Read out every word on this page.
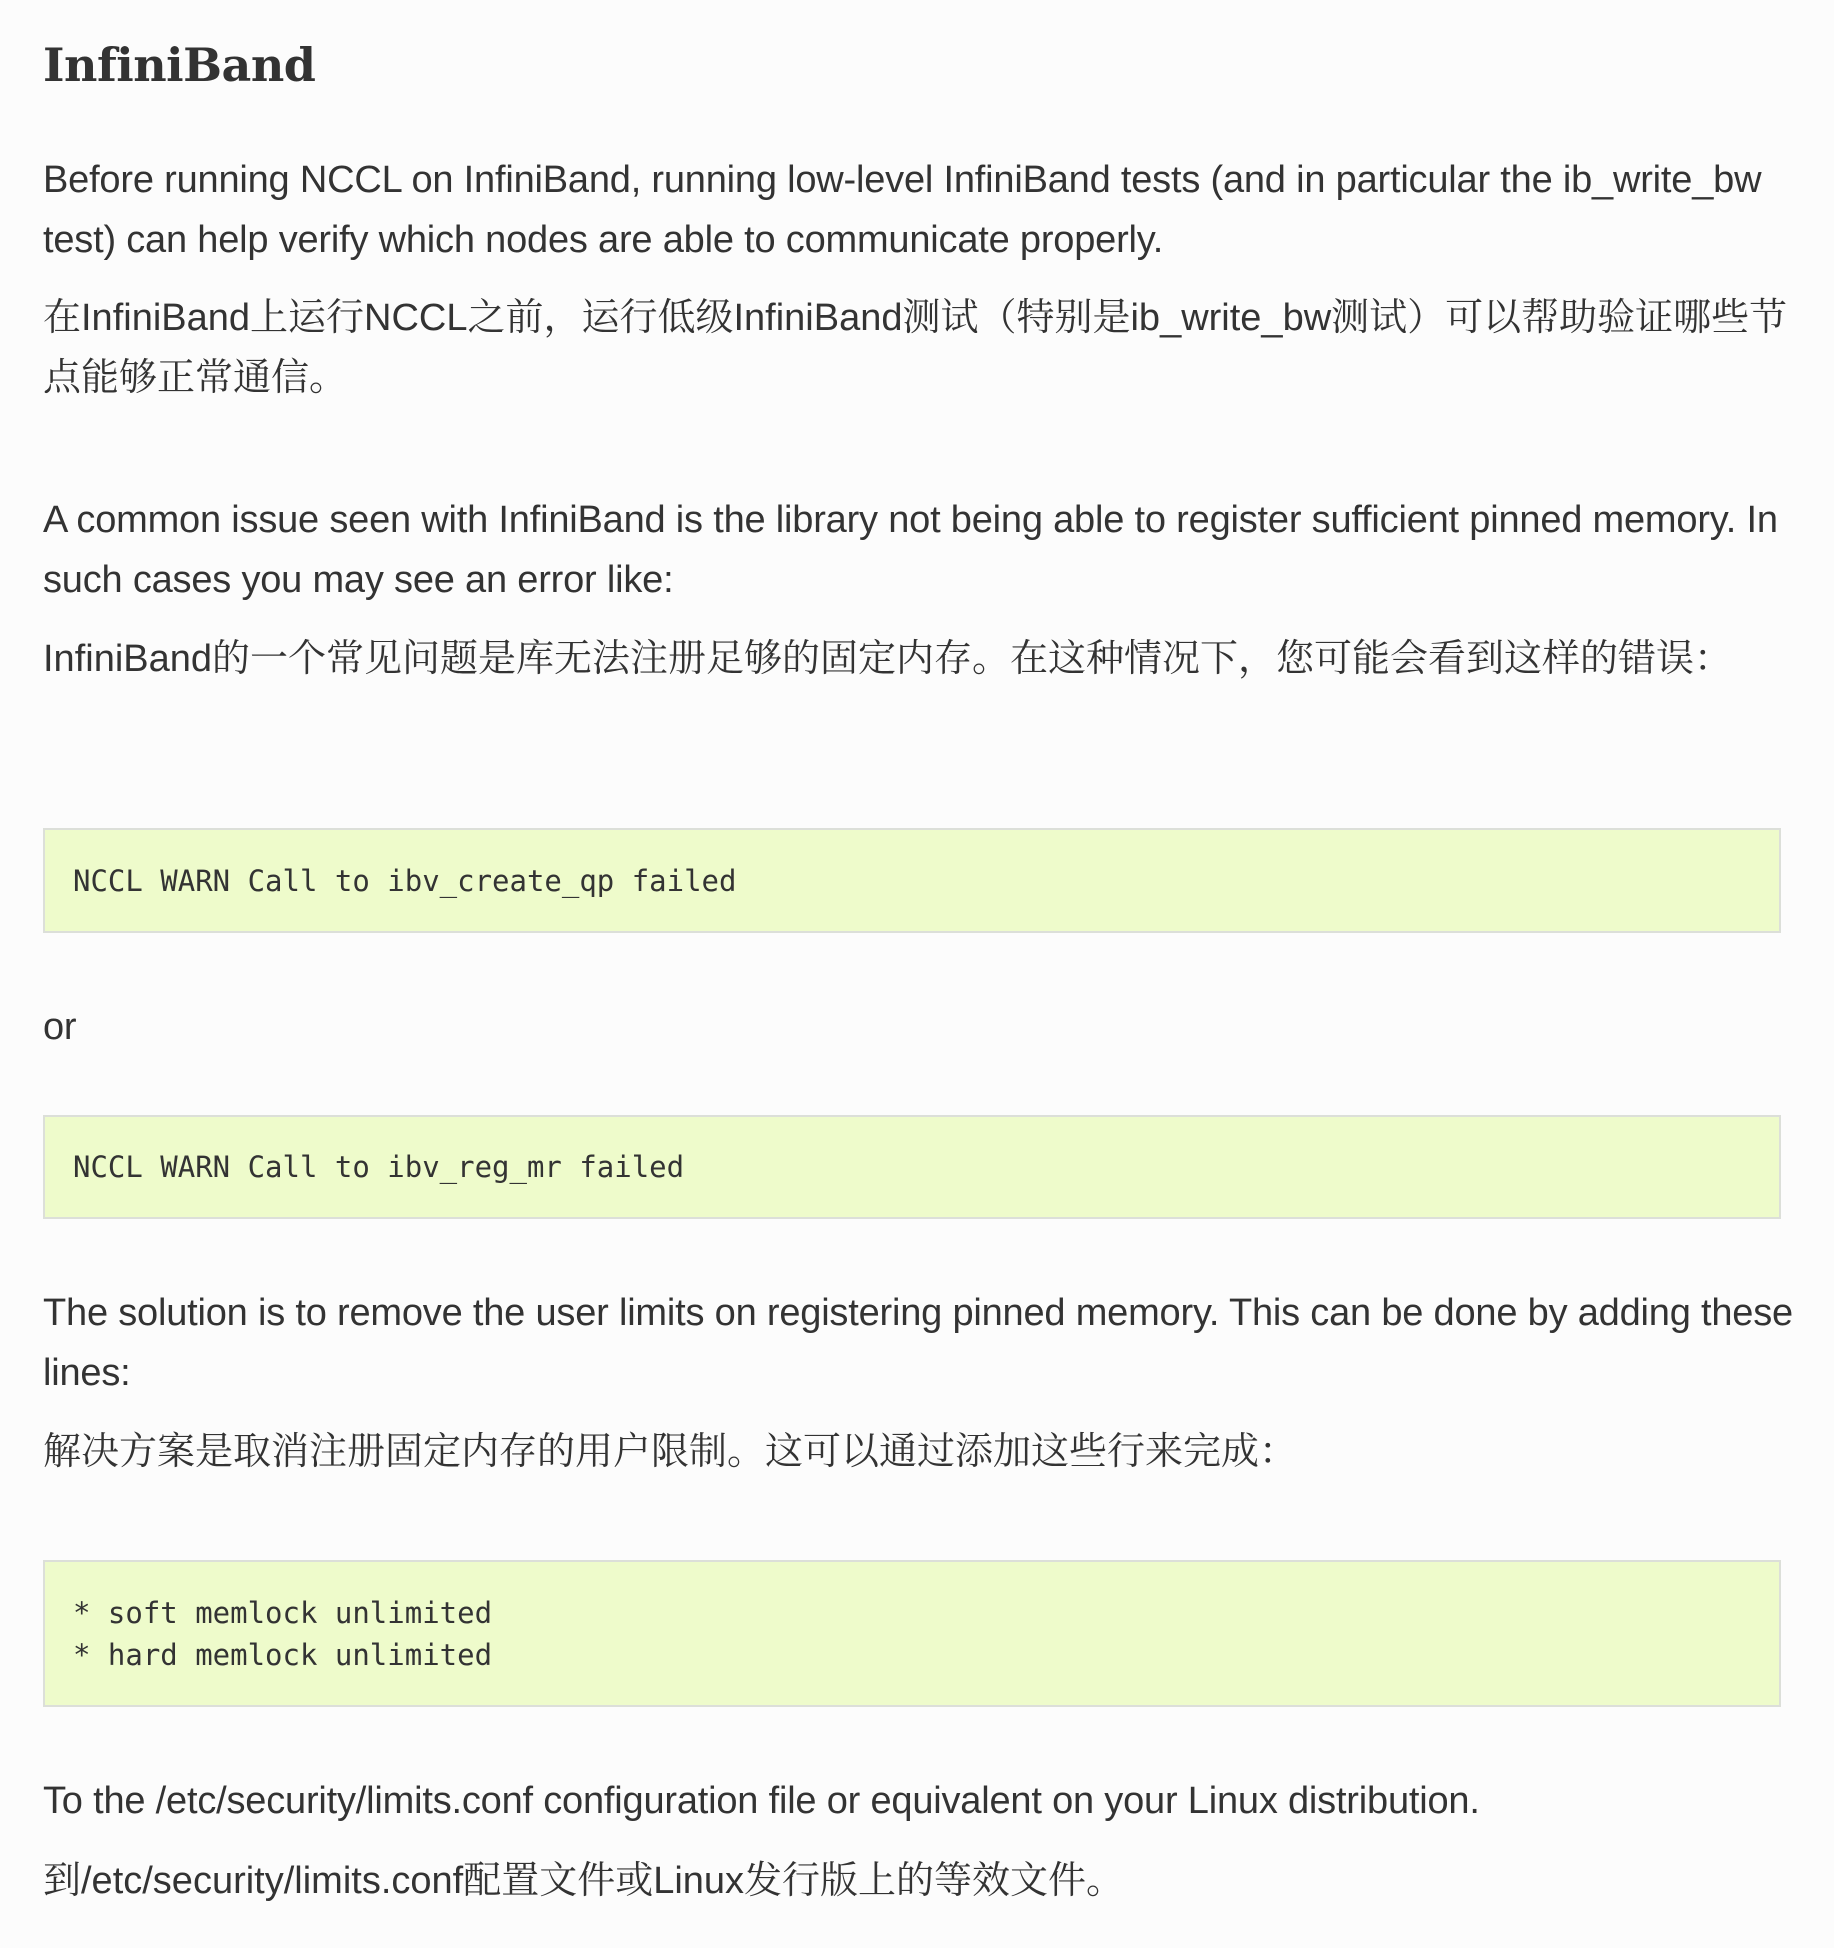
InfiniBand

Before running NCCL on InfiniBand, running low-level InfiniBand tests (and in particular the ib_write_bw test) can help verify which nodes are able to communicate properly.

在InfiniBand上运行NCCL之前，运行低级InfiniBand测试（特别是ib_write_bw测试）可以帮助验证哪些节点能够正常通信。

A common issue seen with InfiniBand is the library not being able to register sufficient pinned memory. In such cases you may see an error like:

InfiniBand的一个常见问题是库无法注册足够的固定内存。在这种情况下，您可能会看到这样的错误：

NCCL WARN Call to ibv_create_qp failed

or

NCCL WARN Call to ibv_reg_mr failed

The solution is to remove the user limits on registering pinned memory. This can be done by adding these lines:

解决方案是取消注册固定内存的用户限制。这可以通过添加这些行来完成：

* soft memlock unlimited
* hard memlock unlimited

To the /etc/security/limits.conf configuration file or equivalent on your Linux distribution.

到/etc/security/limits.conf配置文件或Linux发行版上的等效文件。
